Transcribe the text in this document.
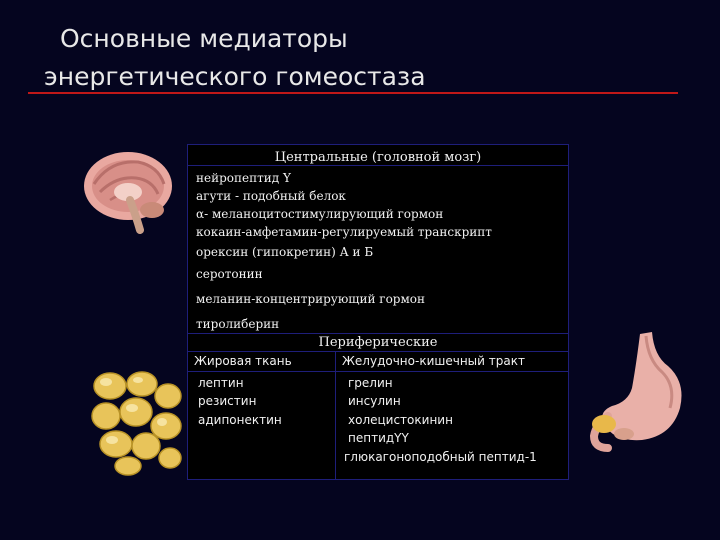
Основные медиаторы
энергетического гомеостаза
Центральные (головной мозг)
нейропептид Y
агути - подобный белок
α- меланоцитостимулирующий гормон
кокаин-амфетамин-регулируемый транскрипт
орексин (гипокретин) А и Б
серотонин
меланин-концентрирующий гормон
тиролиберин
Периферические
Жировая ткань	Желудочно-кишечный тракт
лептин
резистин
адипонектин
грелин
инсулин
холецистокинин
пептидYY
глюкагоноподобный пептид-1
